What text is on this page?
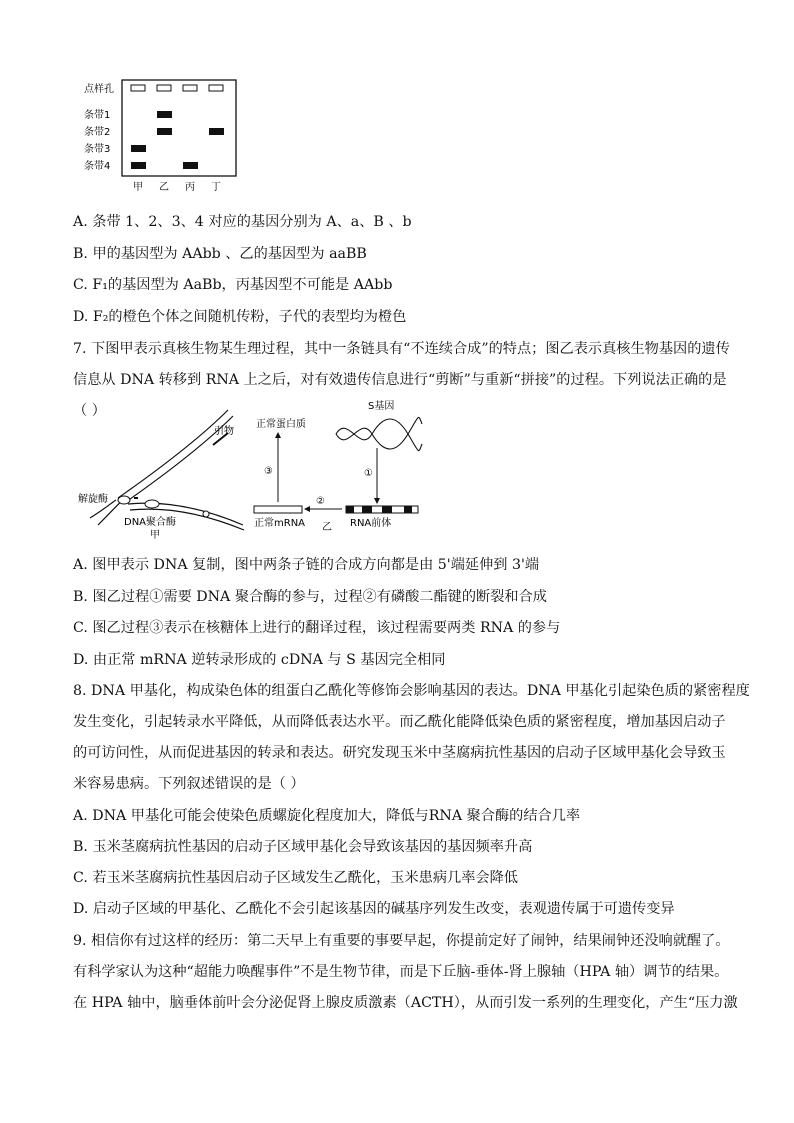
点样孔
条带1
条带2
条带3
条带4
甲 乙 丙 丁
A. 条带 1、2、3、4 对应的基因分别为 A、a、B 、b
B. 甲的基因型为 AAbb 、乙的基因型为 aaBB
C. F₁的基因型为 AaBb，丙基因型不可能是 AAbb
D. F₂的橙色个体之间随机传粉，子代的表型均为橙色
7. 下图甲表示真核生物某生理过程，其中一条链具有“不连续合成”的特点；图乙表示真核生物基因的遗传
信息从 DNA 转移到 RNA 上之后，对有效遗传信息进行“剪断”与重新“拼接”的过程。下列说法正确的是
（ ）
引物
解旋酶
DNA聚合酶
甲
正常蛋白质
S基因
①
RNA前体
②
正常mRNA 乙
③
A. 图甲表示 DNA 复制，图中两条子链的合成方向都是由 5'端延伸到 3'端
B. 图乙过程①需要 DNA 聚合酶的参与，过程②有磷酸二酯键的断裂和合成
C. 图乙过程③表示在核糖体上进行的翻译过程，该过程需要两类 RNA 的参与
D. 由正常 mRNA 逆转录形成的 cDNA 与 S 基因完全相同
8. DNA 甲基化，构成染色体的组蛋白乙酰化等修饰会影响基因的表达。DNA 甲基化引起染色质的紧密程度
发生变化，引起转录水平降低，从而降低表达水平。而乙酰化能降低染色质的紧密程度，增加基因启动子
的可访问性，从而促进基因的转录和表达。研究发现玉米中茎腐病抗性基因的启动子区域甲基化会导致玉
米容易患病。下列叙述错误的是（ ）
A. DNA 甲基化可能会使染色质螺旋化程度加大，降低与RNA 聚合酶的结合几率
B. 玉米茎腐病抗性基因的启动子区域甲基化会导致该基因的基因频率升高
C. 若玉米茎腐病抗性基因启动子区域发生乙酰化，玉米患病几率会降低
D. 启动子区域的甲基化、乙酰化不会引起该基因的碱基序列发生改变，表观遗传属于可遗传变异
9. 相信你有过这样的经历：第二天早上有重要的事要早起，你提前定好了闹钟，结果闹钟还没响就醒了。
有科学家认为这种“超能力唤醒事件”不是生物节律，而是下丘脑-垂体-肾上腺轴（HPA 轴）调节的结果。
在 HPA 轴中，脑垂体前叶会分泌促肾上腺皮质激素（ACTH），从而引发一系列的生理变化，产生“压力激
